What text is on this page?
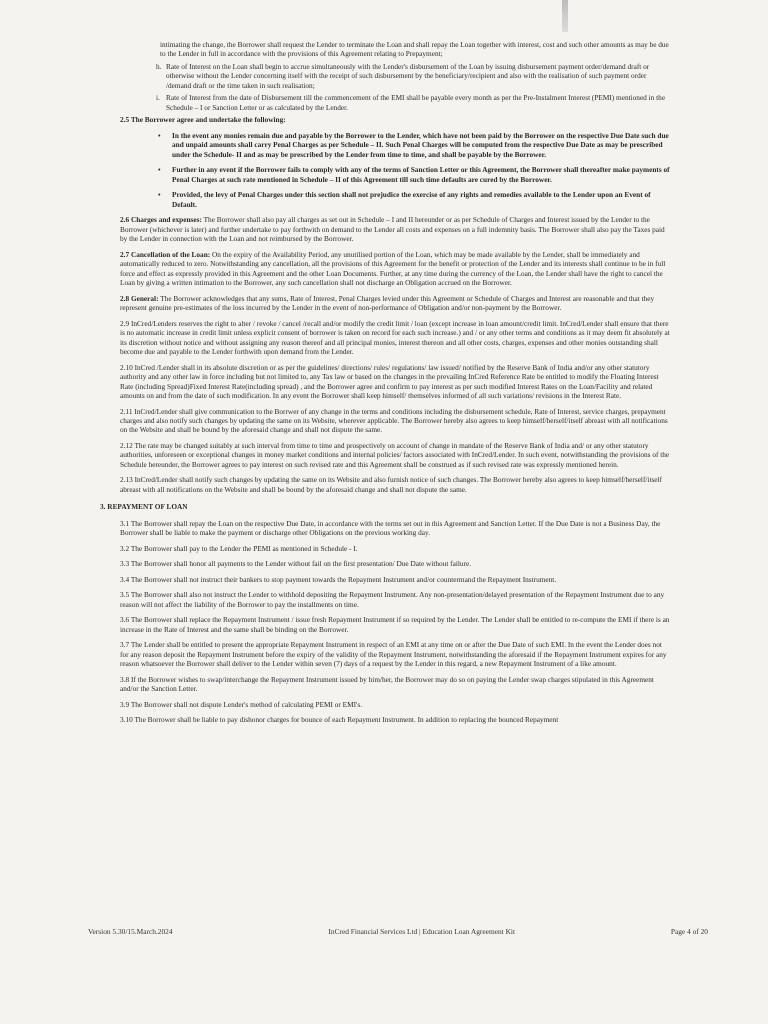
intimating the change, the Borrower shall request the Lender to terminate the Loan and shall repay the Loan together with interest, cost and such other amounts as may be due to the Lender in full in accordance with the provisions of this Agreement relating to Prepayment;

h. Rate of Interest on the Loan shall begin to accrue simultaneously with the Lender's disbursement of the Loan by issuing disbursement payment order/demand draft or otherwise without the Lender concerning itself with the receipt of such disbursement by the beneficiary/recipient and also with the realisation of such payment order /demand draft or the time taken in such realisation;
i. Rate of Interest from the date of Disbursement till the commencement of the EMI shall be payable every month as per the Pre-Instalment Interest (PEMI) mentioned in the Schedule – I or Sanction Letter or as calculated by the Lender.

2.5 The Borrower agree and undertake the following:

•	In the event any monies remain due and payable by the Borrower to the Lender, which have not been paid by the Borrower on the respective Due Date such due and unpaid amounts shall carry Penal Charges as per Schedule – II. Such Penal Charges will be computed from the respective Due Date as may be prescribed under the Schedule- II and as may be prescribed by the Lender from time to time, and shall be payable by the Borrower.
•	Further in any event if the Borrower fails to comply with any of the terms of Sanction Letter or this Agreement, the Borrower shall thereafter make payments of Penal Charges at such rate mentioned in Schedule – II of this Agreement till such time defaults are cured by the Borrower.
•	Provided, the levy of Penal Charges under this section shall not prejudice the exercise of any rights and remedies available to the Lender upon an Event of Default.

2.6 Charges and expenses: The Borrower shall also pay all charges as set out in Schedule – I and II hereunder or as per Schedule of Charges and Interest issued by the Lender to the Borrower (whichever is later) and further undertake to pay forthwith on demand to the Lender all costs and expenses on a full indemnity basis. The Borrower shall also pay the Taxes paid by the Lender in connection with the Loan and not reimbursed by the Borrower.

2.7 Cancellation of the Loan: On the expiry of the Availability Period, any unutilised portion of the Loan, which may be made available by the Lender, shall be immediately and automatically reduced to zero. Notwithstanding any cancellation, all the provisions of this Agreement for the benefit or protection of the Lender and its interests shall continue to be in full force and effect as expressly provided in this Agreement and the other Loan Documents. Further, at any time during the currency of the Loan, the Lender shall have the right to cancel the Loan by giving a written intimation to the Borrower, any such cancellation shall not discharge an Obligation accrued on the Borrower.

2.8 General: The Borrower acknowledges that any sums, Rate of Interest, Penal Charges levied under this Agreement or Schedule of Charges and Interest are reasonable and that they represent genuine pre-estimates of the loss incurred by the Lender in the event of non-performance of Obligation and/or non-payment by the Borrower.

2.9 InCred/Lenders reserves the right to alter / revoke / cancel /recall and/or modify the credit limit / loan (except increase in loan amount/credit limit. InCred/Lender shall ensure that there is no automatic increase in credit limit unless explicit consent of borrower is taken on record for each such increase.) and / or any other terms and conditions as it may deem fit absolutely at its discretion without notice and without assigning any reason thereof and all principal monies, interest thereon and all other costs, charges, expenses and other monies outstanding shall become due and payable to the Lender forthwith upon demand from the Lender.

2.10 InCred /Lender shall in its absolute discretion or as per the guidelines/ directions/ rules/ regulations/ law issued/ notified by the Reserve Bank of India and/or any other statutory authority and any other law in force including but not limited to, any Tax law or based on the changes in the prevailing InCred Reference Rate be entitled to modify the Floating Interest Rate (including Spread)Fixed Interest Rate(including spread) , and the Borrower agree and confirm to pay interest as per such modified Interest Rates on the Loan/Facility and related amounts on and from the date of such modification. In any event the Borrower shall keep himself/ themselves informed of all such variations/ revisions in the Interest Rate.

2.11 InCred/Lender shall give communication to the Borrwer of any change in the terms and conditions including the disbursement schedule, Rate of Interest, service charges, prepayment charges and also notify such changes by updating the same on its Website, wherever applicable. The Borrower hereby also agrees to keep himself/herself/itself abreast with all notifications on the Website and shall be bound by the aforesaid change and shall not dispute the same.

2.12 The rate may be changed suitably at such interval from time to time and prospectively on account of change in mandate of the Reserve Bank of India and/ or any other statutory authorities, unforeseen or exceptional changes in money market conditions and internal policies/ factors associated with InCred/Lender. In such event, notwithstanding the provisions of the Schedule hereunder, the Borrower agrees to pay interest on such revised rate and this Agreement shall be construed as if such revised rate was expressly mentioned herein.

2.13 InCred/Lender shall notify such changes by updating the same on its Website and also furnish notice of such changes. The Borrower hereby also agrees to keep himself/herself/itself abreast with all notifications on the Website and shall be bound by the aforesaid change and shall not dispute the same.

3. REPAYMENT OF LOAN

3.1 The Borrower shall repay the Loan on the respective Due Date, in accordance with the terms set out in this Agreement and Sanction Letter. If the Due Date is not a Business Day, the Borrower shall be liable to make the payment or discharge other Obligations on the previous working day.

3.2 The Borrower shall pay to the Lender the PEMI as mentioned in Schedule - I.

3.3 The Borrower shall honor all payments to the Lender without fail on the first presentation/ Due Date without failure.

3.4 The Borrower shall not instruct their bankers to stop payment towards the Repayment Instrument and/or countermand the Repayment Instrument.

3.5 The Borrower shall also not instruct the Lender to withhold depositing the Repayment Instrument. Any non-presentation/delayed presentation of the Repayment Instrument due to any reason will not affect the liability of the Borrower to pay the installments on time.

3.6 The Borrower shall replace the Repayment Instrument / issue fresh Repayment Instrument if so required by the Lender. The Lender shall be entitled to re-compute the EMI if there is an increase in the Rate of Interest and the same shall be binding on the Borrower.

3.7 The Lender shall be entitled to present the appropriate Repayment Instrument in respect of an EMI at any time on or after the Due Date of such EMI. In the event the Lender does not for any reason deposit the Repayment Instrument before the expiry of the validity of the Repayment Instrument, notwithstanding the aforesaid if the Repayment Instrument expires for any reason whatsoever the Borrower shall deliver to the Lender within seven (7) days of a request by the Lender in this regard, a new Repayment Instrument of a like amount.

3.8 If the Borrower wishes to swap/interchange the Repayment Instrument issued by him/her, the Borrower may do so on paying the Lender swap charges stipulated in this Agreement and/or the Sanction Letter.

3.9 The Borrower shall not dispute Lender's method of calculating PEMI or EMI's.

3.10 The Borrower shall be liable to pay dishonor charges for bounce of each Repayment Instrument. In addition to replacing the bounced Repayment

Version 5.30/15.March.2024	InCred Financial Services Ltd | Education Loan Agreement Kit	Page 4 of 20
